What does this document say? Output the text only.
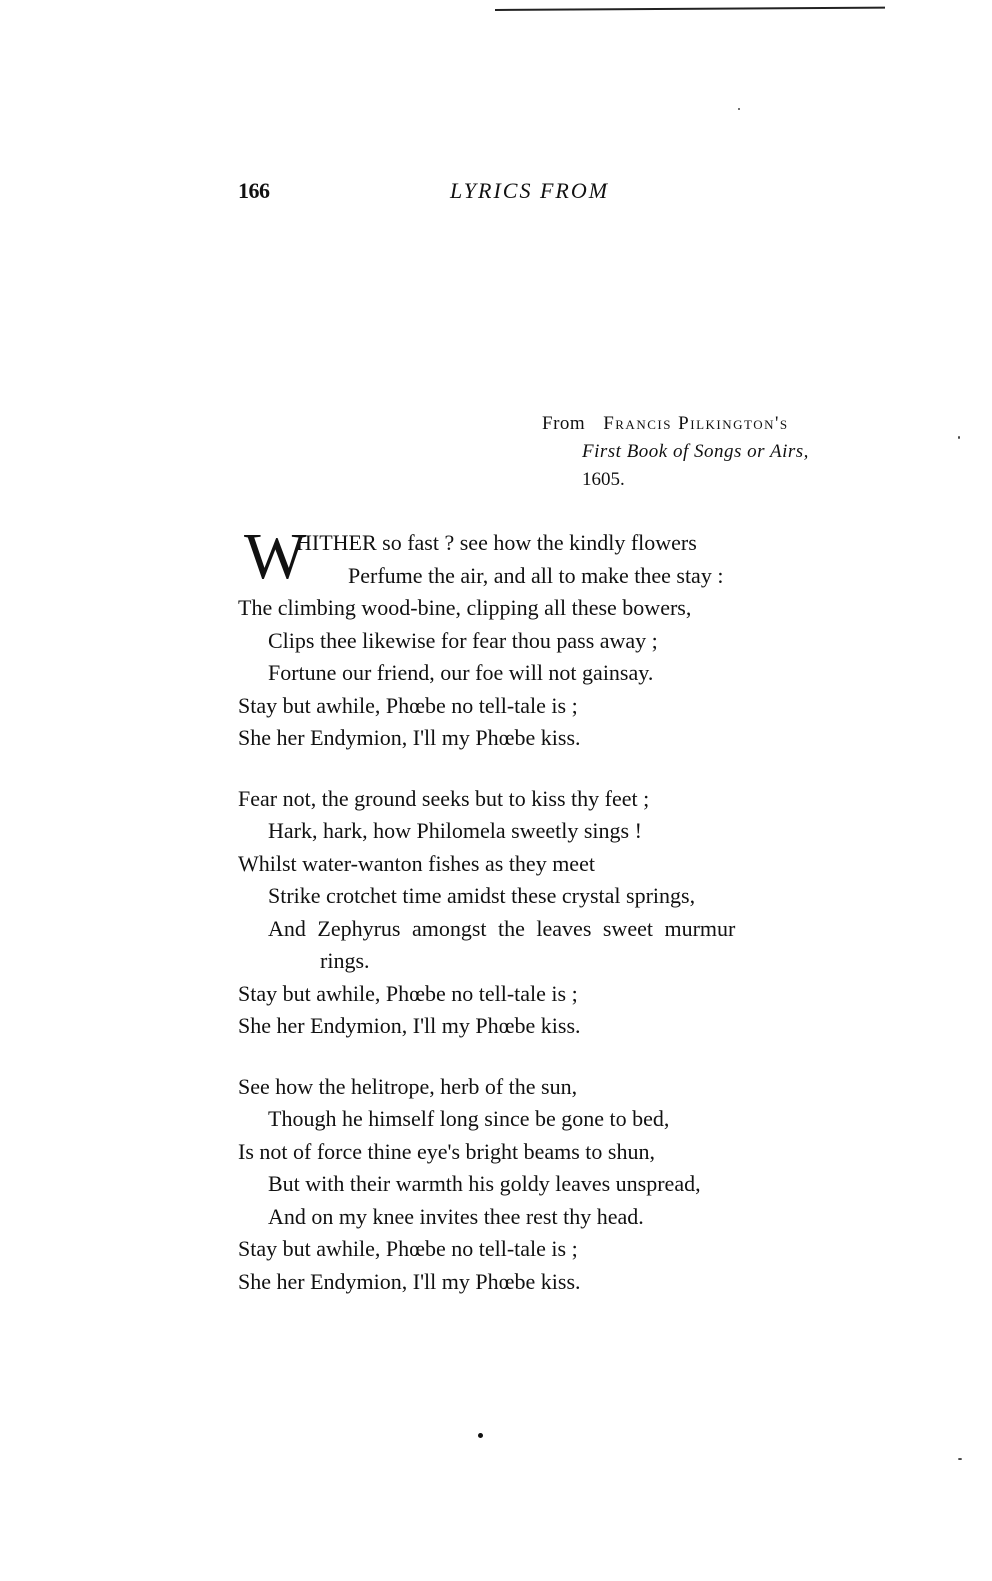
166	LYRICS FROM
From Francis Pilkington's
First Book of Songs or Airs,
1605.
W
HITHER so fast ? see how the kindly flowers
Perfume the air, and all to make thee stay :
The climbing wood-bine, clipping all these bowers,
Clips thee likewise for fear thou pass away ;
Fortune our friend, our foe will not gainsay.
Stay but awhile, Phœbe no tell-tale is ;
She her Endymion, I'll my Phœbe kiss.
Fear not, the ground seeks but to kiss thy feet ;
Hark, hark, how Philomela sweetly sings !
Whilst water-wanton fishes as they meet
Strike crotchet time amidst these crystal springs,
And Zephyrus amongst the leaves sweet murmur
rings.
Stay but awhile, Phœbe no tell-tale is ;
She her Endymion, I'll my Phœbe kiss.
See how the helitrope, herb of the sun,
Though he himself long since be gone to bed,
Is not of force thine eye's bright beams to shun,
But with their warmth his goldy leaves unspread,
And on my knee invites thee rest thy head.
Stay but awhile, Phœbe no tell-tale is ;
She her Endymion, I'll my Phœbe kiss.
